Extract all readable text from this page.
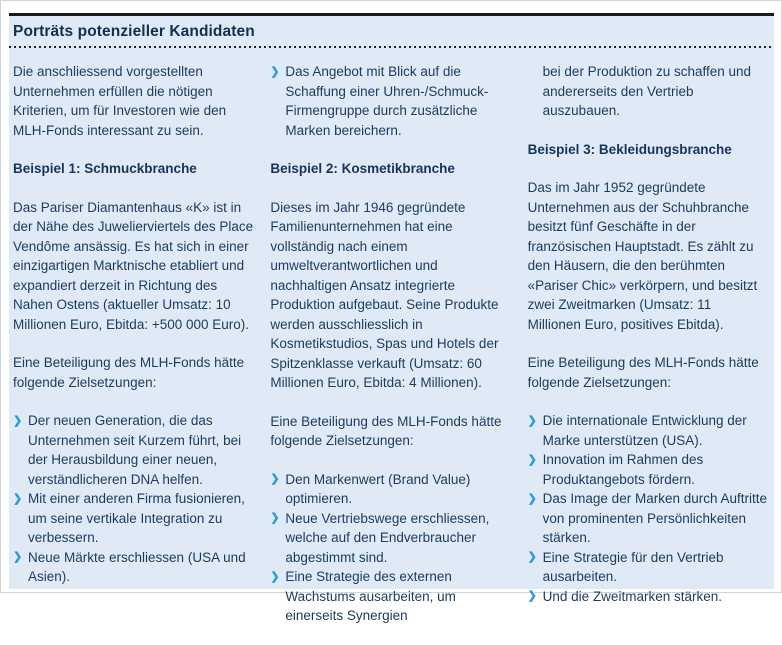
Porträts potenzieller Kandidaten

Die anschliessend vorgestellten Unternehmen erfüllen die nötigen Kriterien, um für Investoren wie den MLH-Fonds interessant zu sein.

Beispiel 1: Schmuckbranche

Das Pariser Diamantenhaus «K» ist in der Nähe des Juwelierviertels des Place Vendôme ansässig. Es hat sich in einer einzigartigen Marktnische etabliert und expandiert derzeit in Richtung des Nahen Ostens (aktueller Umsatz: 10 Millionen Euro, Ebitda: +500 000 Euro).

Eine Beteiligung des MLH-Fonds hätte folgende Zielsetzungen:

❯ Der neuen Generation, die das Unternehmen seit Kurzem führt, bei der Herausbildung einer neuen, verständlicheren DNA helfen.
❯ Mit einer anderen Firma fusionieren, um seine vertikale Integration zu verbessern.
❯ Neue Märkte erschliessen (USA und Asien).
❯ Das Angebot mit Blick auf die Schaffung einer Uhren-/Schmuck-Firmengruppe durch zusätzliche Marken bereichern.
Beispiel 2: Kosmetikbranche

Dieses im Jahr 1946 gegründete Familienunternehmen hat eine vollständig nach einem umweltverantwortlichen und nachhaltigen Ansatz integrierte Produktion aufgebaut. Seine Produkte werden ausschliesslich in Kosmetikstudios, Spas und Hotels der Spitzenklasse verkauft (Umsatz: 60 Millionen Euro, Ebitda: 4 Millionen).

Eine Beteiligung des MLH-Fonds hätte folgende Zielsetzungen:

❯ Den Markenwert (Brand Value) optimieren.
❯ Neue Vertriebswege erschliessen, welche auf den Endverbraucher abgestimmt sind.
❯ Eine Strategie des externen Wachstums ausarbeiten, um einerseits Synergien

bei der Produktion zu schaffen und andererseits den Vertrieb auszubauen.

Beispiel 3: Bekleidungsbranche

Das im Jahr 1952 gegründete Unternehmen aus der Schuhbranche besitzt fünf Geschäfte in der französischen Hauptstadt. Es zählt zu den Häusern, die den berühmten «Pariser Chic» verkörpern, und besitzt zwei Zweitmarken (Umsatz: 11 Millionen Euro, positives Ebitda).

Eine Beteiligung des MLH-Fonds hätte folgende Zielsetzungen:

❯ Die internationale Entwicklung der Marke unterstützen (USA).
❯ Innovation im Rahmen des Produktangebots fördern.
❯ Das Image der Marken durch Auftritte von prominenten Persönlichkeiten stärken.
❯ Eine Strategie für den Vertrieb ausarbeiten.
❯ Und die Zweitmarken stärken.
